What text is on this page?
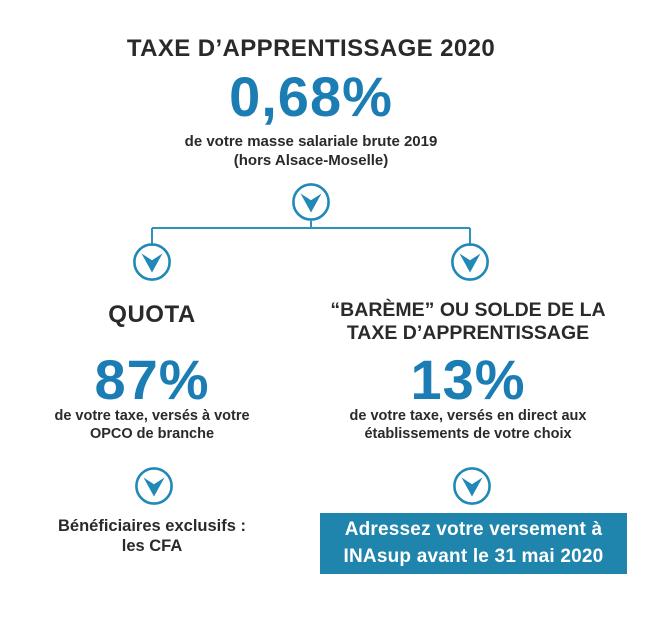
TAXE D’APPRENTISSAGE 2020
0,68%
de votre masse salariale brute 2019
(hors Alsace-Moselle)
QUOTA
87%
de votre taxe, versés à votre
OPCO de branche
Bénéficiaires exclusifs :
les CFA
“BARÈME” OU SOLDE DE LA
TAXE D’APPRENTISSAGE
13%
de votre taxe, versés en direct aux
établissements de votre choix
Adressez votre versement à
INAsup avant le 31 mai 2020
